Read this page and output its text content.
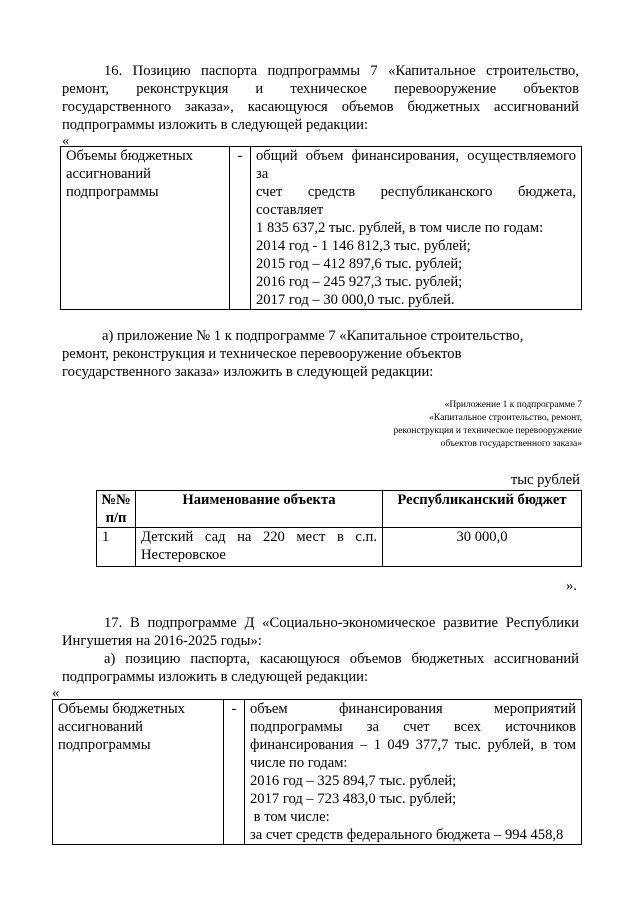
16. Позицию паспорта подпрограммы 7 «Капитальное строительство,
ремонт, реконструкция и техническое перевооружение объектов
государственного заказа», касающуюся объемов бюджетных ассигнований
подпрограммы изложить в следующей редакции:
«
Объемы бюджетных
ассигнований
подпрограммы
	-	общий объем финансирования, осуществляемого за
счет средств республиканского бюджета, составляет
1 835 637,2 тыс. рублей, в том числе по годам:
2014 год - 1 146 812,3 тыс. рублей;
2015 год – 412 897,6 тыс. рублей;
2016 год – 245 927,3 тыс. рублей;
2017 год – 30 000,0 тыс. рублей.
а) приложение № 1 к подпрограмме 7 «Капитальное строительство,
ремонт, реконструкция и техническое перевооружение объектов
государственного заказа» изложить в следующей редакции:
«Приложение 1 к подпрограмме 7
«Капитальное строительство, ремонт,
реконструкция и техническое перевооружение
объектов государственного заказа»
тыс рублей
№№ п/п	Наименование объекта	Республиканский бюджет
1	Детский сад на 220 мест в с.п.
Нестеровское	30 000,0
».
17. В подпрограмме Д «Социально-экономическое развитие Республики
Ингушетия на 2016-2025 годы»:
а) позицию паспорта, касающуюся объемов бюджетных ассигнований
подпрограммы изложить в следующей редакции:
«
Объемы бюджетных
ассигнований
подпрограммы
	-	объем финансирования мероприятий
подпрограммы за счет всех источников
финансирования – 1 049 377,7 тыс. рублей, в том
числе по годам:
2016 год – 325 894,7 тыс. рублей;
2017 год – 723 483,0 тыс. рублей;
в том числе:
за счет средств федерального бюджета – 994 458,8
